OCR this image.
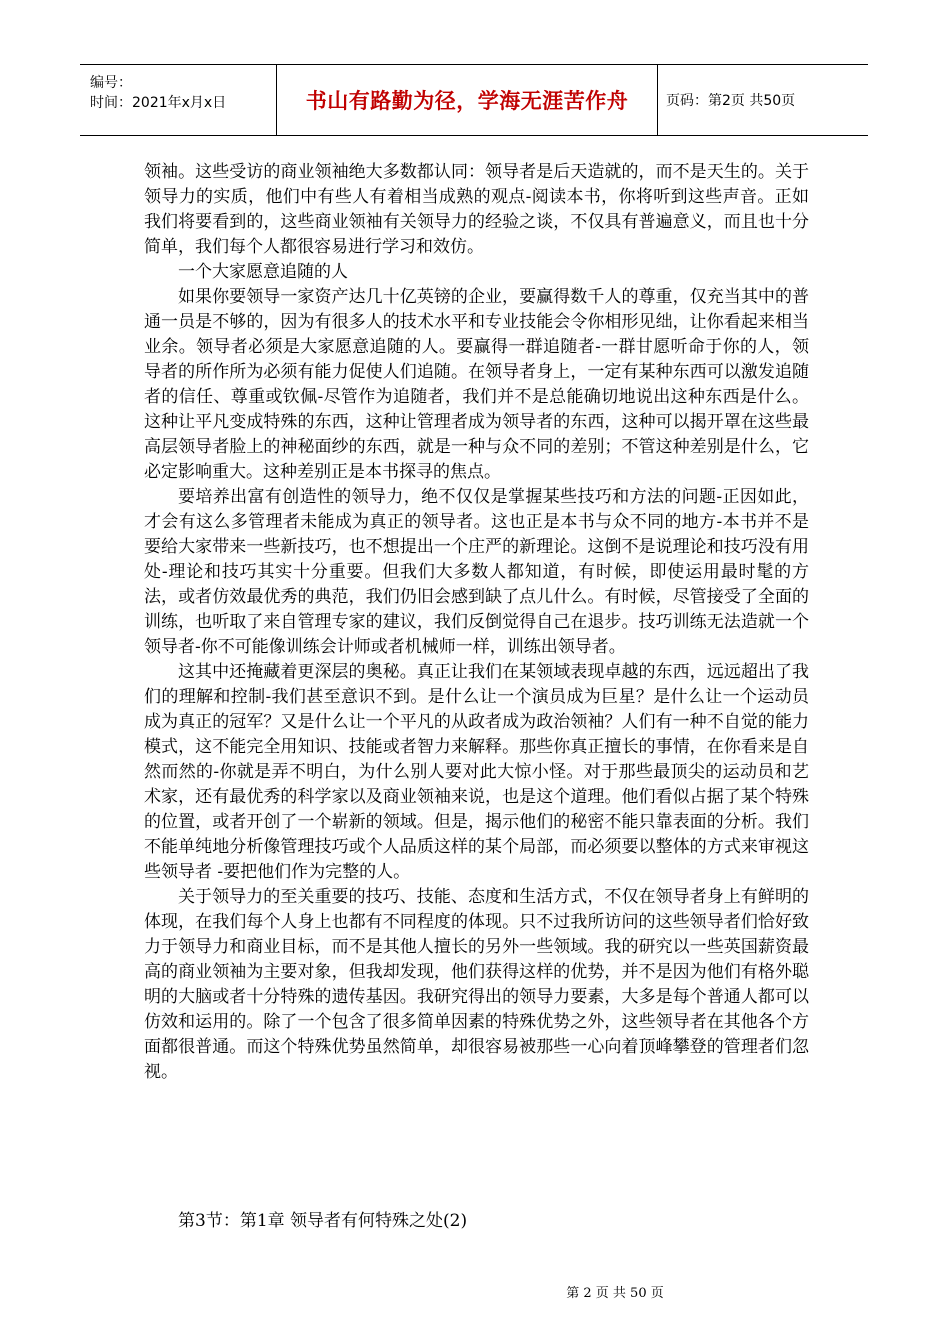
编号：
时间：2021年x月x日	书山有路勤为径，学海无涯苦作舟	页码：第2页 共50页

领袖。这些受访的商业领袖绝大多数都认同：领导者是后天造就的，而不是天生的。关于领导力的实质，他们中有些人有着相当成熟的观点-阅读本书，你将听到这些声音。正如我们将要看到的，这些商业领袖有关领导力的经验之谈，不仅具有普遍意义，而且也十分简单，我们每个人都很容易进行学习和效仿。

一个大家愿意追随的人

如果你要领导一家资产达几十亿英镑的企业，要赢得数千人的尊重，仅充当其中的普通一员是不够的，因为有很多人的技术水平和专业技能会令你相形见绌，让你看起来相当业余。领导者必须是大家愿意追随的人。要赢得一群追随者-一群甘愿听命于你的人，领导者的所作所为必须有能力促使人们追随。在领导者身上，一定有某种东西可以激发追随者的信任、尊重或钦佩-尽管作为追随者，我们并不是总能确切地说出这种东西是什么。这种让平凡变成特殊的东西，这种让管理者成为领导者的东西，这种可以揭开罩在这些最高层领导者脸上的神秘面纱的东西，就是一种与众不同的差别；不管这种差别是什么，它必定影响重大。这种差别正是本书探寻的焦点。

要培养出富有创造性的领导力，绝不仅仅是掌握某些技巧和方法的问题-正因如此，才会有这么多管理者未能成为真正的领导者。这也正是本书与众不同的地方-本书并不是要给大家带来一些新技巧，也不想提出一个庄严的新理论。这倒不是说理论和技巧没有用处-理论和技巧其实十分重要。但我们大多数人都知道，有时候，即使运用最时髦的方法，或者仿效最优秀的典范，我们仍旧会感到缺了点儿什么。有时候，尽管接受了全面的训练，也听取了来自管理专家的建议，我们反倒觉得自己在退步。技巧训练无法造就一个领导者-你不可能像训练会计师或者机械师一样，训练出领导者。

这其中还掩藏着更深层的奥秘。真正让我们在某领域表现卓越的东西，远远超出了我们的理解和控制-我们甚至意识不到。是什么让一个演员成为巨星？是什么让一个运动员成为真正的冠军？又是什么让一个平凡的从政者成为政治领袖？人们有一种不自觉的能力模式，这不能完全用知识、技能或者智力来解释。那些你真正擅长的事情，在你看来是自然而然的-你就是弄不明白，为什么别人要对此大惊小怪。对于那些最顶尖的运动员和艺术家，还有最优秀的科学家以及商业领袖来说，也是这个道理。他们看似占据了某个特殊的位置，或者开创了一个崭新的领域。但是，揭示他们的秘密不能只靠表面的分析。我们不能单纯地分析像管理技巧或个人品质这样的某个局部，而必须要以整体的方式来审视这些领导者 -要把他们作为完整的人。

关于领导力的至关重要的技巧、技能、态度和生活方式，不仅在领导者身上有鲜明的体现，在我们每个人身上也都有不同程度的体现。只不过我所访问的这些领导者们恰好致力于领导力和商业目标，而不是其他人擅长的另外一些领域。我的研究以一些英国薪资最高的商业领袖为主要对象，但我却发现，他们获得这样的优势，并不是因为他们有格外聪明的大脑或者十分特殊的遗传基因。我研究得出的领导力要素，大多是每个普通人都可以仿效和运用的。除了一个包含了很多简单因素的特殊优势之外，这些领导者在其他各个方面都很普通。而这个特殊优势虽然简单，却很容易被那些一心向着顶峰攀登的管理者们忽视。

第3节：第1章 领导者有何特殊之处(2)
第 2 页 共 50 页
